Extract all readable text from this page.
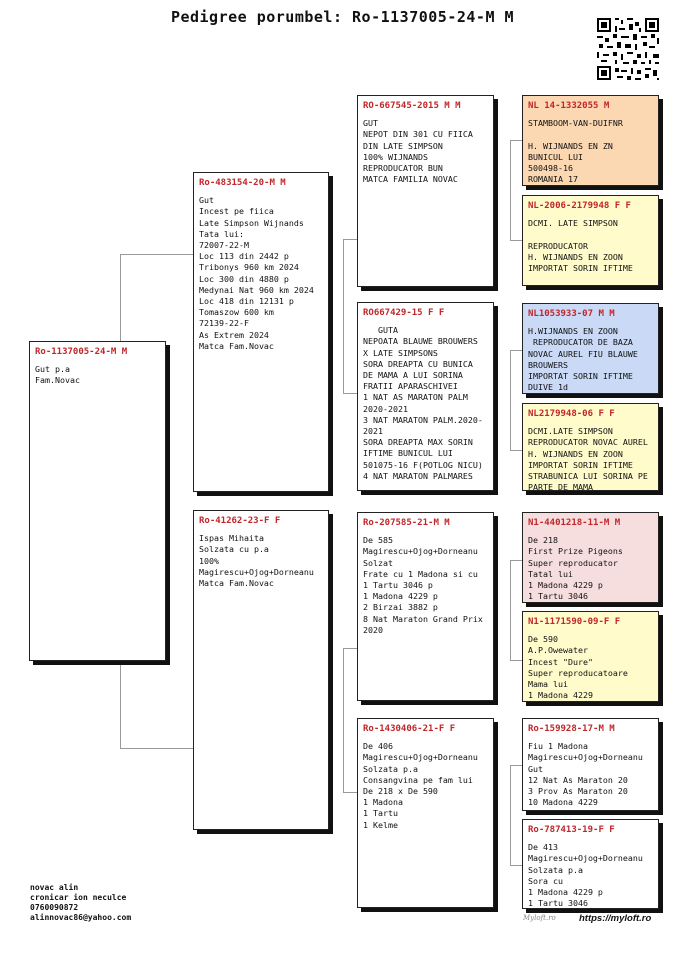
Pedigree porumbel: Ro-1137005-24-M M
Ro-1137005-24-M M
Gut p.a
Fam.Novac
Ro-483154-20-M M
Gut
Incest pe fiica
Late Simpson Wijnands
Tata lui:
72007-22-M
Loc 113 din 2442 p
Tribonys 960 km 2024
Loc 300 din 4880 p
Medynai Nat 960 km 2024
Loc 418 din 12131 p
Tomaszow 600 km
72139-22-F
As Extrem 2024
Matca Fam.Novac
Ro-41262-23-F F
Ispas Mihaita
Solzata cu p.a
100%
Magirescu+Ojog+Dorneanu
Matca Fam.Novac
RO-667545-2015 M M
GUT
NEPOT DIN 301 CU FIICA
DIN LATE SIMPSON
100% WIJNANDS
REPRODUCATOR BUN
MATCA FAMILIA NOVAC
RO667429-15 F F
GUTA
NEPOATA BLAUWE BROUWERS
X LATE SIMPSONS
SORA DREAPTA CU BUNICA
DE MAMA A LUI SORINA
FRATII APARASCHIVEI
1 NAT AS MARATON PALM
2020-2021
3 NAT MARATON PALM.2020-
2021
SORA DREAPTA MAX SORIN
IFTIME BUNICUL LUI
501075-16 F(POTLOG NICU)
4 NAT MARATON PALMARES
Ro-207585-21-M M
De 585
Magirescu+Ojog+Dorneanu
Solzat
Frate cu 1 Madona si cu
1 Tartu 3046 p
1 Madona 4229 p
2 Birzai 3882 p
8 Nat Maraton Grand Prix
2020
Ro-1430406-21-F F
De 406
Magirescu+Ojog+Dorneanu
Solzata p.a
Consangvina pe fam lui
De 218 x De 590
1 Madona
1 Tartu
1 Kelme
NL 14-1332055 M
STAMBOOM-VAN-DUIFNR

H. WIJNANDS EN ZN
BUNICUL LUI
500498-16
ROMANIA 17
NL-2006-2179948 F F
DCMI. LATE SIMPSON

REPRODUCATOR
H. WIJNANDS EN ZOON
IMPORTAT SORIN IFTIME
NL1053933-07 M M
H.WIJNANDS EN ZOON
REPRODUCATOR DE BAZA
NOVAC AUREL FIU BLAUWE
BROUWERS
IMPORTAT SORIN IFTIME
DUIVE 1d
NL2179948-06 F F
DCMI.LATE SIMPSON
REPRODUCATOR NOVAC AUREL
H. WIJNANDS EN ZOON
IMPORTAT SORIN IFTIME
STRABUNICA LUI SORINA PE
PARTE DE MAMA
N1-4401218-11-M M
De 218
First Prize Pigeons
Super reproducator
Tatal lui
1 Madona 4229 p
1 Tartu 3046
N1-1171590-09-F F
De 590
A.P.Owewater
Incest "Dure"
Super reproducatoare
Mama lui
1 Madona 4229
Ro-159928-17-M M
Fiu 1 Madona
Magirescu+Ojog+Dorneanu
Gut
12 Nat As Maraton 20
3 Prov As Maraton 20
10 Madona 4229
Ro-787413-19-F F
De 413
Magirescu+Ojog+Dorneanu
Solzata p.a
Sora cu
1 Madona 4229 p
1 Tartu 3046
novac alin
cronicar ion neculce
0760090872
alinnovac86@yahoo.com	Myloft.ro https://myloft.ro
